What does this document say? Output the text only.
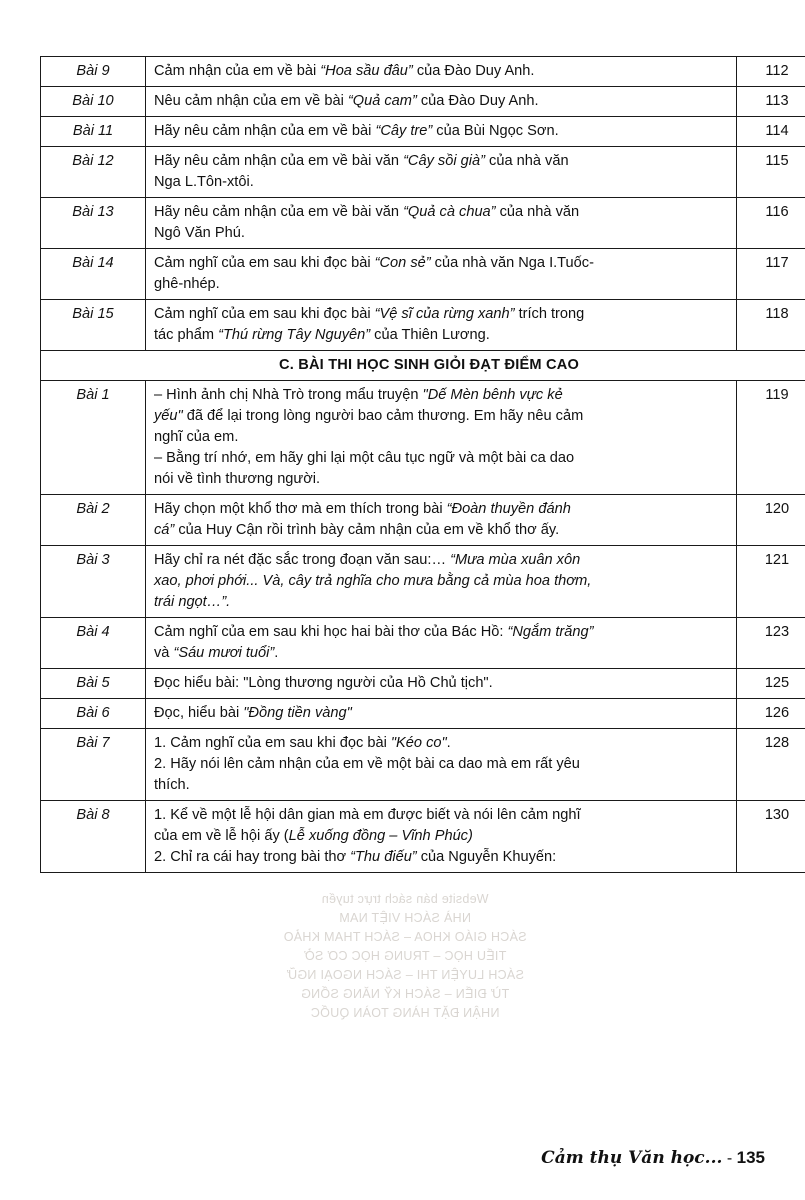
Website bán sách trực tuyến
NHÀ SÁCH VIỆT NAM
SÁCH GIÁO KHOA – SÁCH THAM KHẢO
TIỂU HỌC – TRUNG HỌC CƠ SỞ
SÁCH LUYỆN THI – SÁCH NGOẠI NGỮ
TỪ ĐIỂN – SÁCH KỸ NĂNG SỐNG
NHẬN ĐẶT HÀNG TOÀN QUỐC
Bài 9	Cảm nhận của em về bài “Hoa sầu đâu” của Đào Duy Anh.	112
Bài 10	Nêu cảm nhận của em về bài “Quả cam” của Đào Duy Anh.	113
Bài 11	Hãy nêu cảm nhận của em về bài “Cây tre” của Bùi Ngọc Sơn.	114
Bài 12	Hãy nêu cảm nhận của em về bài văn “Cây sồi già” của nhà văn
Nga L.Tôn-xtôi.	115
Bài 13	Hãy nêu cảm nhận của em về bài văn “Quả cà chua” của nhà văn
Ngô Văn Phú.	116
Bài 14	Cảm nghĩ của em sau khi đọc bài “Con sẻ” của nhà văn Nga I.Tuốc-
ghê-nhép.	117
Bài 15	Cảm nghĩ của em sau khi đọc bài “Vệ sĩ của rừng xanh” trích trong
tác phẩm “Thú rừng Tây Nguyên” của Thiên Lương.	118
C. BÀI THI HỌC SINH GIỎI ĐẠT ĐIỂM CAO		
Bài 1	– Hình ảnh chị Nhà Trò trong mẩu truyện "Dế Mèn bênh vực kẻ
yếu" đã để lại trong lòng người bao cảm thương. Em hãy nêu cảm
nghĩ của em.
– Bằng trí nhớ, em hãy ghi lại một câu tục ngữ và một bài ca dao
nói về tình thương người.	119
Bài 2	Hãy chọn một khổ thơ mà em thích trong bài “Đoàn thuyền đánh
cá” của Huy Cận rồi trình bày cảm nhận của em về khổ thơ ấy.	120
Bài 3	Hãy chỉ ra nét đặc sắc trong đoạn văn sau:… “Mưa mùa xuân xôn
xao, phơi phới... Và, cây trả nghĩa cho mưa bằng cả mùa hoa thơm,
trái ngọt…”.	121
Bài 4	Cảm nghĩ của em sau khi học hai bài thơ của Bác Hồ: “Ngắm trăng”
và “Sáu mươi tuổi”.	123
Bài 5	Đọc hiểu bài: "Lòng thương người của Hồ Chủ tịch".	125
Bài 6	Đọc, hiểu bài "Đồng tiền vàng"	126
Bài 7	1. Cảm nghĩ của em sau khi đọc bài "Kéo co".
2. Hãy nói lên cảm nhận của em về một bài ca dao mà em rất yêu
thích.	128
Bài 8	1. Kể về một lễ hội dân gian mà em được biết và nói lên cảm nghĩ
của em về lễ hội ấy (Lễ xuống đồng – Vĩnh Phúc)
2. Chỉ ra cái hay trong bài thơ “Thu điếu” của Nguyễn Khuyến:	130
Cảm thụ Văn học... - 135
